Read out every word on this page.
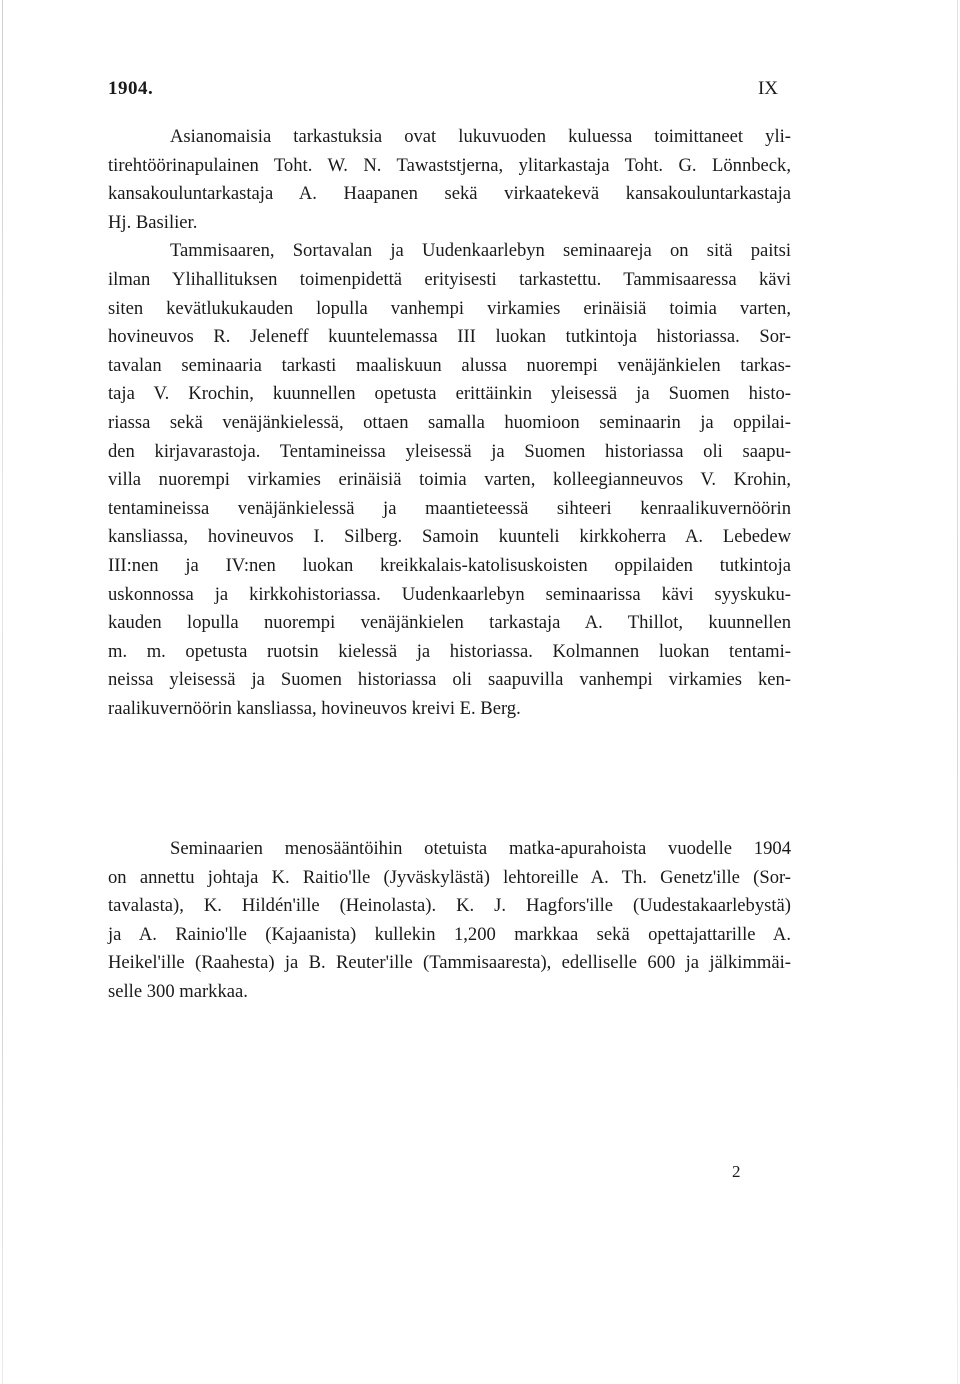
1904.	IX
Asianomaisia tarkastuksia ovat lukuvuoden kuluessa toimittaneet yli-
tirehtöörinapulainen Toht. W. N. Tawaststjerna, ylitarkastaja Toht. G. Lönnbeck,
kansakouluntarkastaja A. Haapanen sekä virkaatekevä kansakouluntarkastaja
Hj. Basilier.
Tammisaaren, Sortavalan ja Uudenkaarlebyn seminaareja on sitä paitsi
ilman Ylihallituksen toimenpidettä erityisesti tarkastettu. Tammisaaressa kävi
siten kevätlukukauden lopulla vanhempi virkamies erinäisiä toimia varten,
hovineuvos R. Jeleneff kuuntelemassa III luokan tutkintoja historiassa. Sor-
tavalan seminaaria tarkasti maaliskuun alussa nuorempi venäjänkielen tarkas-
taja V. Krochin, kuunnellen opetusta erittäinkin yleisessä ja Suomen histo-
riassa sekä venäjänkielessä, ottaen samalla huomioon seminaarin ja oppilai-
den kirjavarastoja. Tentamineissa yleisessä ja Suomen historiassa oli saapu-
villa nuorempi virkamies erinäisiä toimia varten, kolleegianneuvos V. Krohin,
tentamineissa venäjänkielessä ja maantieteessä sihteeri kenraalikuvernöörin
kansliassa, hovineuvos I. Silberg. Samoin kuunteli kirkkoherra A. Lebedew
III:nen ja IV:nen luokan kreikkalais-katolisuskoisten oppilaiden tutkintoja
uskonnossa ja kirkkohistoriassa. Uudenkaarlebyn seminaarissa kävi syyskuku-
kauden lopulla nuorempi venäjänkielen tarkastaja A. Thillot, kuunnellen
m. m. opetusta ruotsin kielessä ja historiassa. Kolmannen luokan tentami-
neissa yleisessä ja Suomen historiassa oli saapuvilla vanhempi virkamies ken-
raalikuvernöörin kansliassa, hovineuvos kreivi E. Berg.
Seminaarien menosääntöihin otetuista matka-apurahoista vuodelle 1904
on annettu johtaja K. Raitio'lle (Jyväskylästä) lehtoreille A. Th. Genetz'ille (Sor-
tavalasta), K. Hildén'ille (Heinolasta). K. J. Hagfors'ille (Uudestakaarlebystä)
ja A. Rainio'lle (Kajaanista) kullekin 1,200 markkaa sekä opettajattarille A.
Heikel'ille (Raahesta) ja B. Reuter'ille (Tammisaaresta), edelliselle 600 ja jälkimmäi-
selle 300 markkaa.
2
